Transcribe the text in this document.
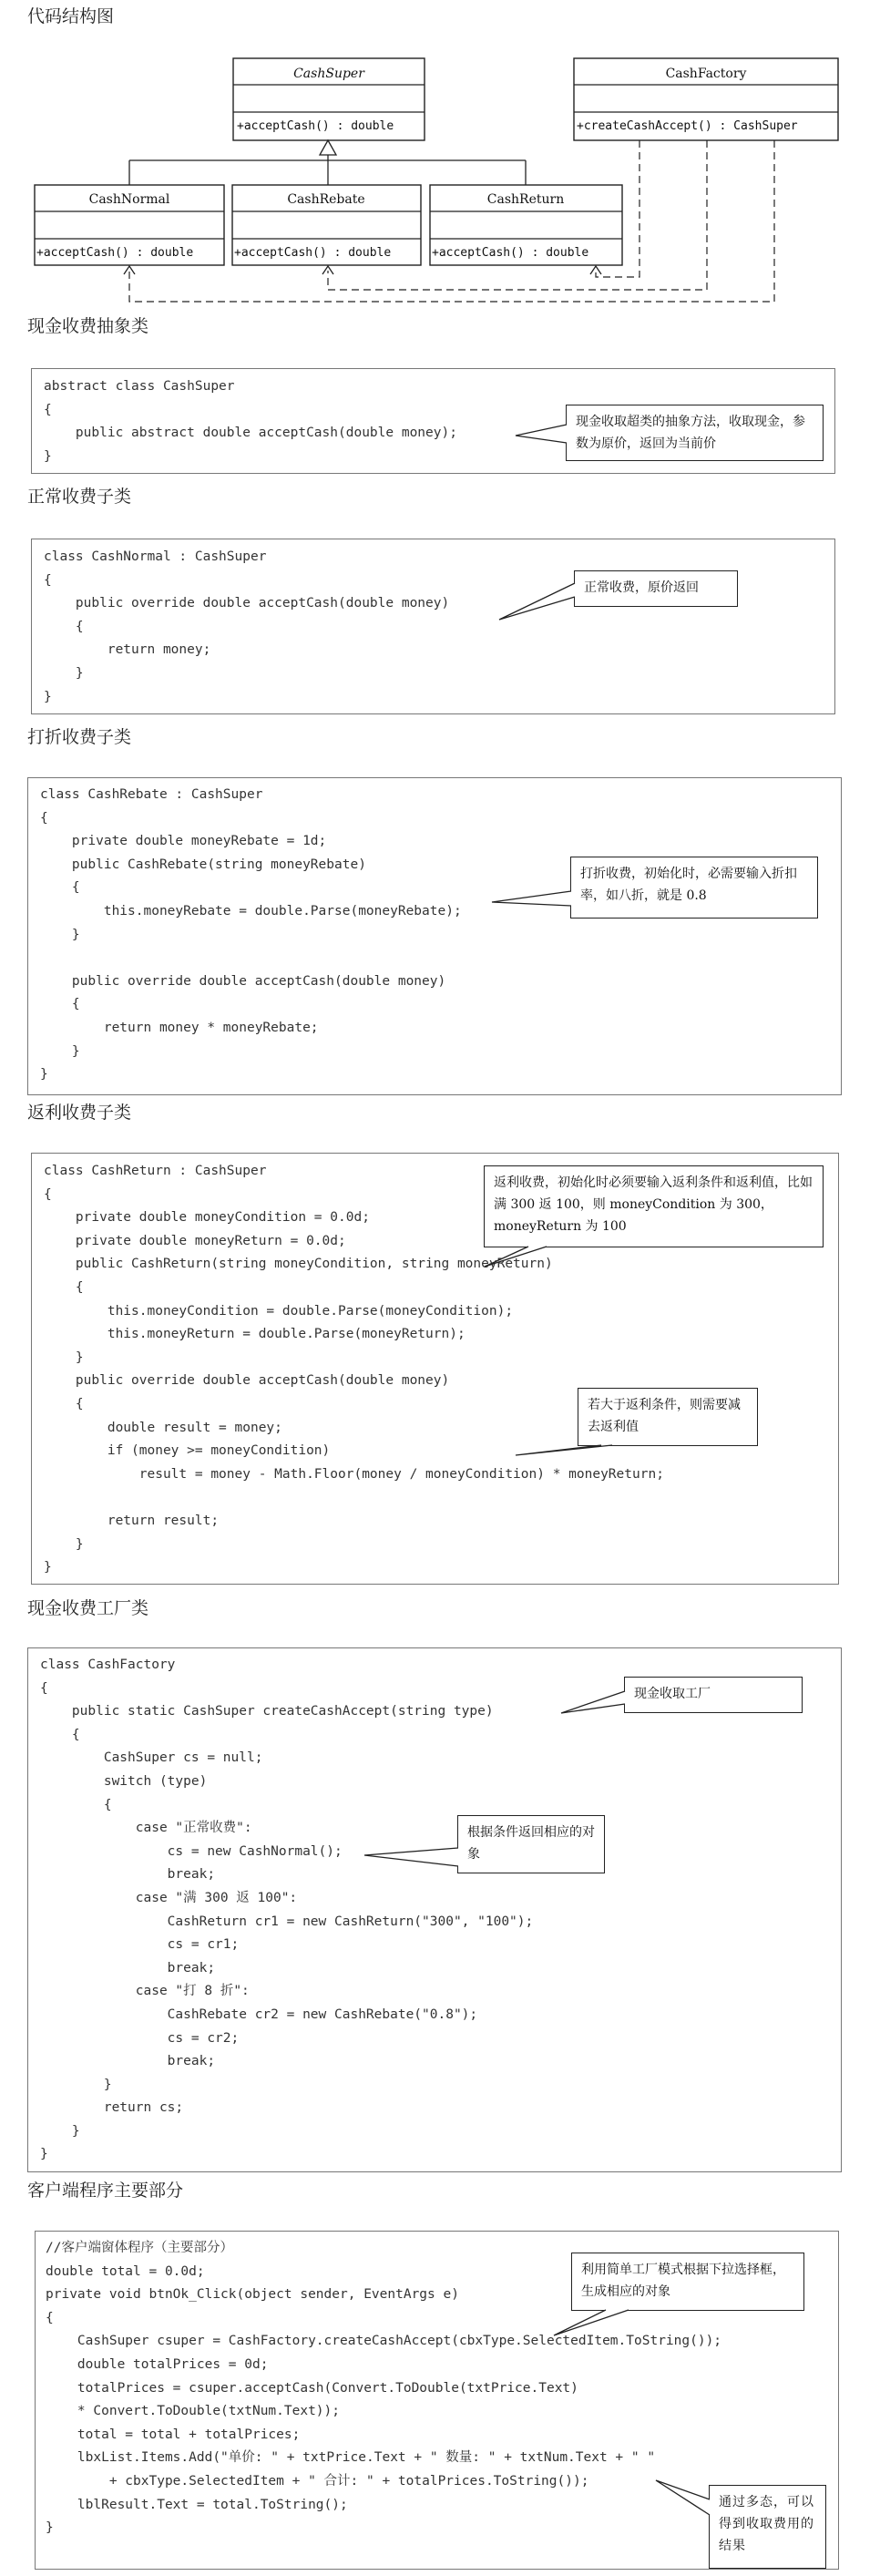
代码结构图
CashSuper
+acceptCash() : double
CashFactory
+createCashAccept() : CashSuper
CashNormal
+acceptCash() : double
CashRebate
+acceptCash() : double
CashReturn
+acceptCash() : double
现金收费抽象类
abstract class CashSuper
{
public abstract double acceptCash(double money);
}
正常收费子类
class CashNormal : CashSuper
{
public override double acceptCash(double money)
{
return money;
}
}
打折收费子类
class CashRebate : CashSuper
{
private double moneyRebate = 1d;
public CashRebate(string moneyRebate)
{
this.moneyRebate = double.Parse(moneyRebate);
}

public override double acceptCash(double money)
{
return money * moneyRebate;
}
}
返利收费子类
class CashReturn : CashSuper
{
private double moneyCondition = 0.0d;
private double moneyReturn = 0.0d;
public CashReturn(string moneyCondition, string moneyReturn)
{
this.moneyCondition = double.Parse(moneyCondition);
this.moneyReturn = double.Parse(moneyReturn);
}
public override double acceptCash(double money)
{
double result = money;
if (money >= moneyCondition)
result = money - Math.Floor(money / moneyCondition) * moneyReturn;

return result;
}
}
现金收费工厂类
class CashFactory
{
public static CashSuper createCashAccept(string type)
{
CashSuper cs = null;
switch (type)
{
case "正常收费":
cs = new CashNormal();
break;
case "满 300 返 100":
CashReturn cr1 = new CashReturn("300", "100");
cs = cr1;
break;
case "打 8 折":
CashRebate cr2 = new CashRebate("0.8");
cs = cr2;
break;
}
return cs;
}
}
客户端程序主要部分
//客户端窗体程序（主要部分）
double total = 0.0d;
private void btnOk_Click(object sender, EventArgs e)
{
CashSuper csuper = CashFactory.createCashAccept(cbxType.SelectedItem.ToString());
double totalPrices = 0d;
totalPrices = csuper.acceptCash(Convert.ToDouble(txtPrice.Text)
* Convert.ToDouble(txtNum.Text));
total = total + totalPrices;
lbxList.Items.Add("单价: " + txtPrice.Text + " 数量: " + txtNum.Text + " "
+ cbxType.SelectedItem + " 合计: " + totalPrices.ToString());
lblResult.Text = total.ToString();
}
现金收取超类的抽象方法，收取现金，参数为原价，返回为当前价
正常收费，原价返回
打折收费，初始化时，必需要输入折扣率，如八折，就是 0.8
返利收费，初始化时必须要输入返利条件和返利值，比如满 300 返 100，则 moneyCondition 为 300，moneyReturn 为 100
若大于返利条件，则需要减去返利值
现金收取工厂
根据条件返回相应的对象
利用简单工厂模式根据下拉选择框，生成相应的对象
通过多态，可以得到收取费用的结果
